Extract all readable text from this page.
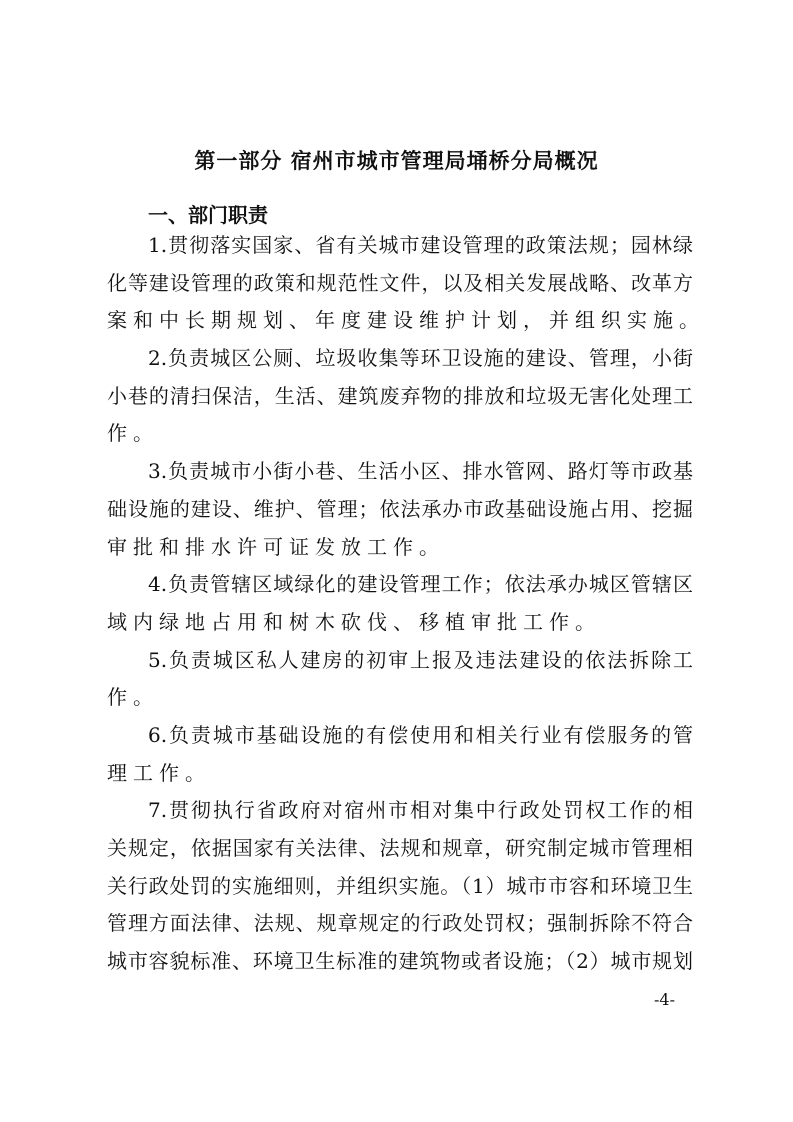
第一部分 宿州市城市管理局埇桥分局概况
一、部门职责
1.贯彻落实国家、省有关城市建设管理的政策法规；园林绿
化等建设管理的政策和规范性文件，以及相关发展战略、改革方
案和中长期规划、年度建设维护计划，并组织实施。
2.负责城区公厕、垃圾收集等环卫设施的建设、管理，小街
小巷的清扫保洁，生活、建筑废弃物的排放和垃圾无害化处理工
作。
3.负责城市小街小巷、生活小区、排水管网、路灯等市政基
础设施的建设、维护、管理；依法承办市政基础设施占用、挖掘
审批和排水许可证发放工作。
4.负责管辖区域绿化的建设管理工作；依法承办城区管辖区
域内绿地占用和树木砍伐、移植审批工作。
5.负责城区私人建房的初审上报及违法建设的依法拆除工
作。
6.负责城市基础设施的有偿使用和相关行业有偿服务的管
理工作。
7.贯彻执行省政府对宿州市相对集中行政处罚权工作的相
关规定，依据国家有关法律、法规和规章，研究制定城市管理相
关行政处罚的实施细则，并组织实施。（1）城市市容和环境卫生
管理方面法律、法规、规章规定的行政处罚权；强制拆除不符合
城市容貌标准、环境卫生标准的建筑物或者设施；（2）城市规划
-4-
